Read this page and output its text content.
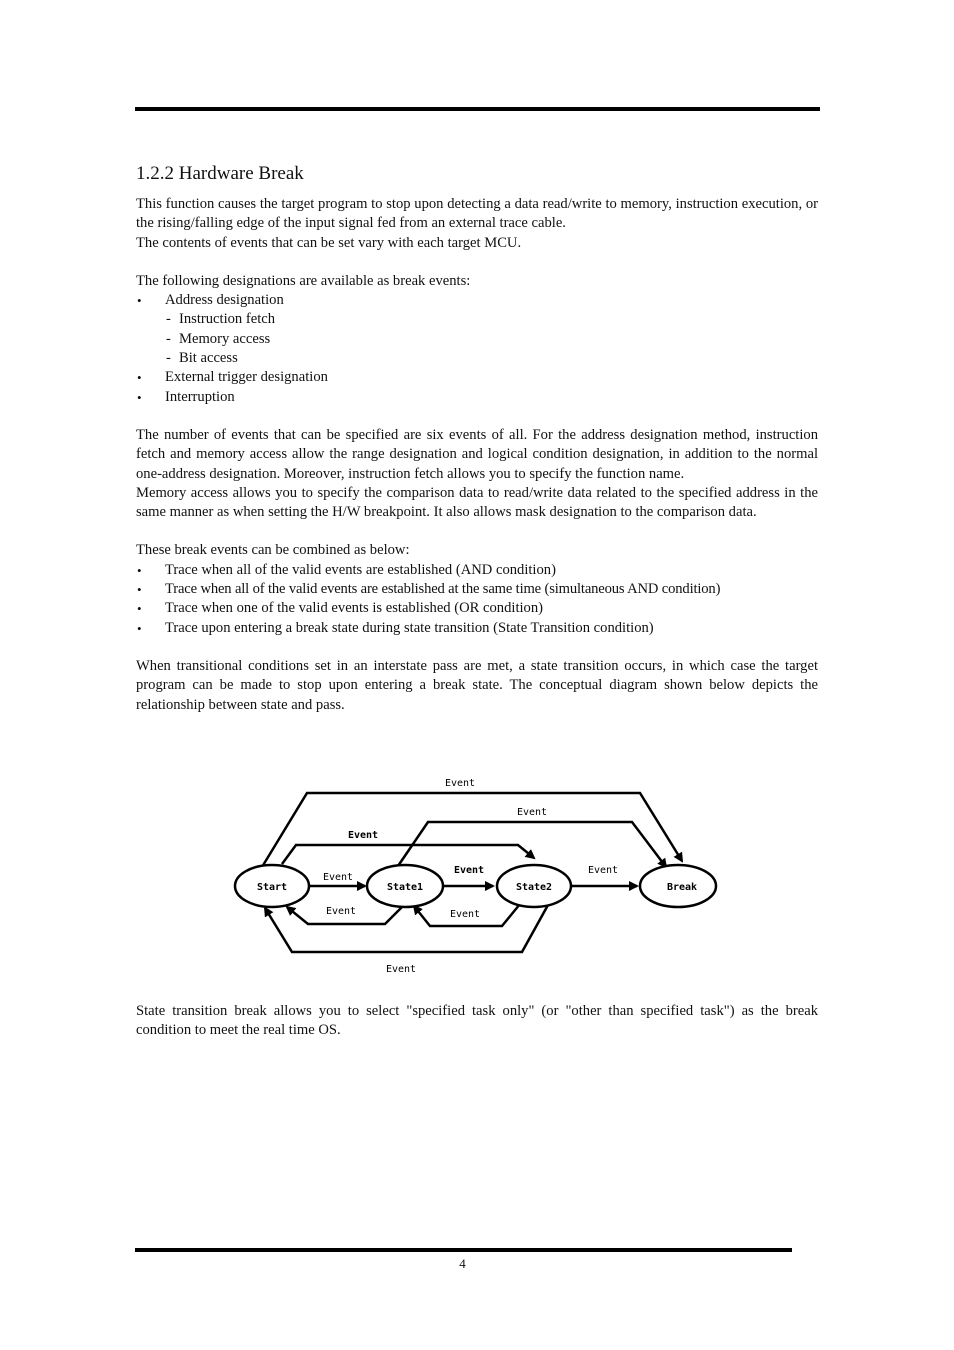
1.2.2 Hardware Break

This function causes the target program to stop upon detecting a data read/write to memory, instruction execution, or the rising/falling edge of the input signal fed from an external trace cable.

The contents of events that can be set vary with each target MCU.

The following designations are available as break events:

• Address designation
- Instruction fetch
- Memory access
- Bit access
• External trigger designation
• Interruption

The number of events that can be specified are six events of all. For the address designation method, instruction fetch and memory access allow the range designation and logical condition designation, in addition to the normal one-address designation. Moreover, instruction fetch allows you to specify the function name.

Memory access allows you to specify the comparison data to read/write data related to the specified address in the same manner as when setting the H/W breakpoint. It also allows mask designation to the comparison data.

These break events can be combined as below:

• Trace when all of the valid events are established (AND condition)
• Trace when all of the valid events are established at the same time (simultaneous AND condition)
• Trace when one of the valid events is established (OR condition)
• Trace upon entering a break state during state transition (State Transition condition)

When transitional conditions set in an interstate pass are met, a state transition occurs, in which case the target program can be made to stop upon entering a break state. The conceptual diagram shown below depicts the relationship between state and pass.

Start	State1	State2	Break
Event
Event
Event
Event
Event	Event
Event	Event
Event

State transition break allows you to select "specified task only" (or "other than specified task") as the break condition to meet the real time OS.

4
